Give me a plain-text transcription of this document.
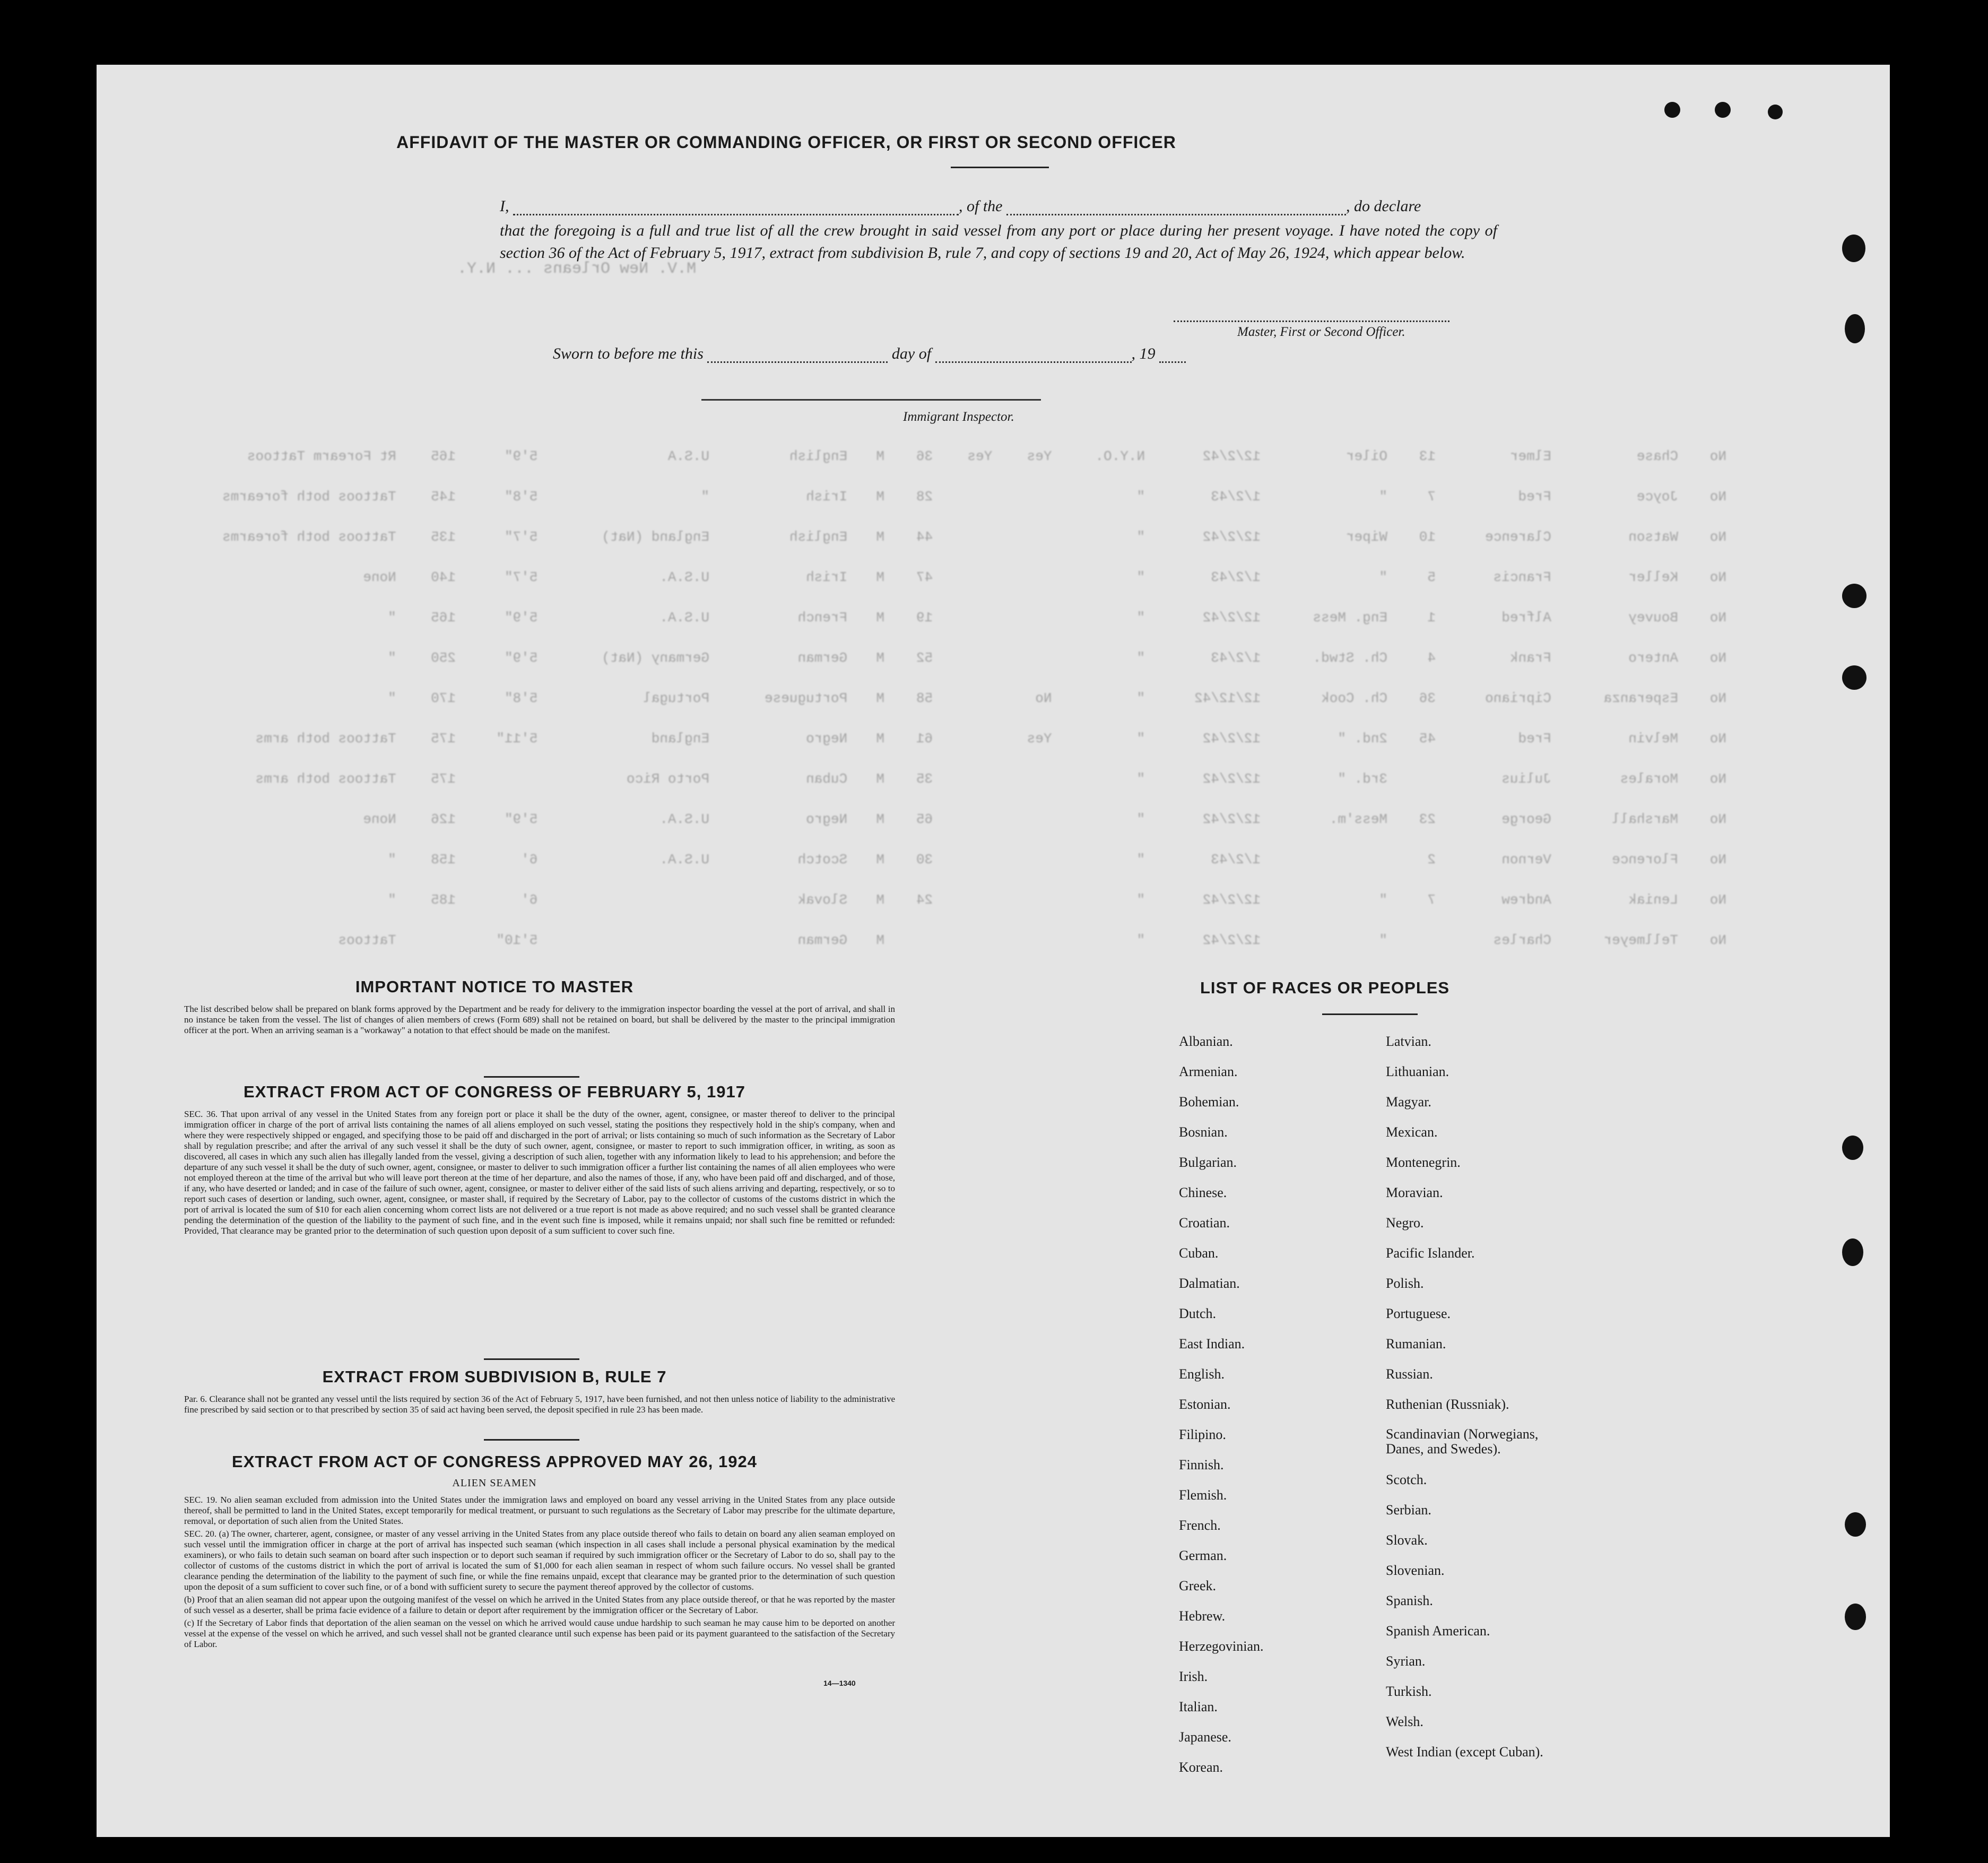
AFFIDAVIT OF THE MASTER OR COMMANDING OFFICER, OR FIRST OR SECOND OFFICER
I,	, of the	, do declare
that the foregoing is a full and true list of all the crew brought in said vessel from any port or place during her present voyage. I have noted the copy of section 36 of the Act of February 5, 1917, extract from subdivision B, rule 7, and copy of sections 19 and 20, Act of May 26, 1924, which appear below.
M.V. New Orleans ... N.Y.
Master, First or Second Officer.
Sworn to before me this	day of	, 19
Immigrant Inspector.
No	Chase	Elmer	13	Oiler	12/2/42	N.Y.O.	Yes	Yes	36	M	English	U.S.A	5'9"	165	Rt Forearm Tattoos
No	Joyce	Fred	7	"	1/2/43	"			28	M	Irish	"	5'8"	145	Tattoos both forearms
No	Watson	Clarence	10	Wiper	12/2/42	"			44	M	English	England (Nat)	5'7"	135	Tattoos both forearms
No	Keller	Francis	5	"	1/2/43	"			47	M	Irish	U.S.A.	5'7"	140	None
No	Bouvey	Alfred	1	Eng. Mess	12/2/42	"			19	M	French	U.S.A.	5'9"	165	"
No	Antero	Frank	4	Ch. Stwd.	1/2/43	"			52	M	German	Germany (Nat)	5'9"	250	"
No	Esperanza	Cipriano	36	Ch. Cook	12/12/42	"	No		58	M	Portuguese	Portugal	5'8"	170	"
No	Melvin	Fred	45	2nd. "	12/2/42	"	Yes		61	M	Negro	England	5'11"	175	Tattoos both arms
No	Morales	Julius		3rd. "	12/2/42	"			35	M	Cuban	Porto Rico		175	Tattoos both arms
No	Marshall	George	23	Mess'm.	12/2/42	"			65	M	Negro	U.S.A.	5'9"	126	None
No	Florence	Vernon	2		1/2/43	"			30	M	Scotch	U.S.A.	6'	158	"
No	Leniak	Andrew	7	"	12/2/42	"			24	M	Slovak		6'	185	"
No	Tellmeyer	Charles		"	12/2/42	"				M	German		5'10"		Tattoos
IMPORTANT NOTICE TO MASTER

The list described below shall be prepared on blank forms approved by the Department and be ready for delivery to the immigration inspector boarding the vessel at the port of arrival, and shall in no instance be taken from the vessel. The list of changes of alien members of crews (Form 689) shall not be retained on board, but shall be delivered by the master to the principal immigration officer at the port. When an arriving seaman is a "workaway" a notation to that effect should be made on the manifest.

EXTRACT FROM ACT OF CONGRESS OF FEBRUARY 5, 1917

SEC. 36. That upon arrival of any vessel in the United States from any foreign port or place it shall be the duty of the owner, agent, consignee, or master thereof to deliver to the principal immigration officer in charge of the port of arrival lists containing the names of all aliens employed on such vessel, stating the positions they respectively hold in the ship's company, when and where they were respectively shipped or engaged, and specifying those to be paid off and discharged in the port of arrival; or lists containing so much of such information as the Secretary of Labor shall by regulation prescribe; and after the arrival of any such vessel it shall be the duty of such owner, agent, consignee, or master to report to such immigration officer, in writing, as soon as discovered, all cases in which any such alien has illegally landed from the vessel, giving a description of such alien, together with any information likely to lead to his apprehension; and before the departure of any such vessel it shall be the duty of such owner, agent, consignee, or master to deliver to such immigration officer a further list containing the names of all alien employees who were not employed thereon at the time of the arrival but who will leave port thereon at the time of her departure, and also the names of those, if any, who have been paid off and discharged, and of those, if any, who have deserted or landed; and in case of the failure of such owner, agent, consignee, or master to deliver either of the said lists of such aliens arriving and departing, respectively, or so to report such cases of desertion or landing, such owner, agent, consignee, or master shall, if required by the Secretary of Labor, pay to the collector of customs of the customs district in which the port of arrival is located the sum of $10 for each alien concerning whom correct lists are not delivered or a true report is not made as above required; and no such vessel shall be granted clearance pending the determination of the question of the liability to the payment of such fine, and in the event such fine is imposed, while it remains unpaid; nor shall such fine be remitted or refunded: Provided, That clearance may be granted prior to the determination of such question upon deposit of a sum sufficient to cover such fine.

EXTRACT FROM SUBDIVISION B, RULE 7

Par. 6. Clearance shall not be granted any vessel until the lists required by section 36 of the Act of February 5, 1917, have been furnished, and not then unless notice of liability to the administrative fine prescribed by said section or to that prescribed by section 35 of said act having been served, the deposit specified in rule 23 has been made.

EXTRACT FROM ACT OF CONGRESS APPROVED MAY 26, 1924
ALIEN SEAMEN

SEC. 19. No alien seaman excluded from admission into the United States under the immigration laws and employed on board any vessel arriving in the United States from any place outside thereof, shall be permitted to land in the United States, except temporarily for medical treatment, or pursuant to such regulations as the Secretary of Labor may prescribe for the ultimate departure, removal, or deportation of such alien from the United States.

SEC. 20. (a) The owner, charterer, agent, consignee, or master of any vessel arriving in the United States from any place outside thereof who fails to detain on board any alien seaman employed on such vessel until the immigration officer in charge at the port of arrival has inspected such seaman (which inspection in all cases shall include a personal physical examination by the medical examiners), or who fails to detain such seaman on board after such inspection or to deport such seaman if required by such immigration officer or the Secretary of Labor to do so, shall pay to the collector of customs of the customs district in which the port of arrival is located the sum of $1,000 for each alien seaman in respect of whom such failure occurs. No vessel shall be granted clearance pending the determination of the liability to the payment of such fine, or while the fine remains unpaid, except that clearance may be granted prior to the determination of such question upon the deposit of a sum sufficient to cover such fine, or of a bond with sufficient surety to secure the payment thereof approved by the collector of customs.

(b) Proof that an alien seaman did not appear upon the outgoing manifest of the vessel on which he arrived in the United States from any place outside thereof, or that he was reported by the master of such vessel as a deserter, shall be prima facie evidence of a failure to detain or deport after requirement by the immigration officer or the Secretary of Labor.

(c) If the Secretary of Labor finds that deportation of the alien seaman on the vessel on which he arrived would cause undue hardship to such seaman he may cause him to be deported on another vessel at the expense of the vessel on which he arrived, and such vessel shall not be granted clearance until such expense has been paid or its payment guaranteed to the satisfaction of the Secretary of Labor.

14—1340
LIST OF RACES OR PEOPLES
Albanian.
Armenian.
Bohemian.
Bosnian.
Bulgarian.
Chinese.
Croatian.
Cuban.
Dalmatian.
Dutch.
East Indian.
English.
Estonian.
Filipino.
Finnish.
Flemish.
French.
German.
Greek.
Hebrew.
Herzegovinian.
Irish.
Italian.
Japanese.
Korean.
Latvian.
Lithuanian.
Magyar.
Mexican.
Montenegrin.
Moravian.
Negro.
Pacific Islander.
Polish.
Portuguese.
Rumanian.
Russian.
Ruthenian (Russniak).
Scandinavian (Norwegians, Danes, and Swedes).
Scotch.
Serbian.
Slovak.
Slovenian.
Spanish.
Spanish American.
Syrian.
Turkish.
Welsh.
West Indian (except Cuban).
